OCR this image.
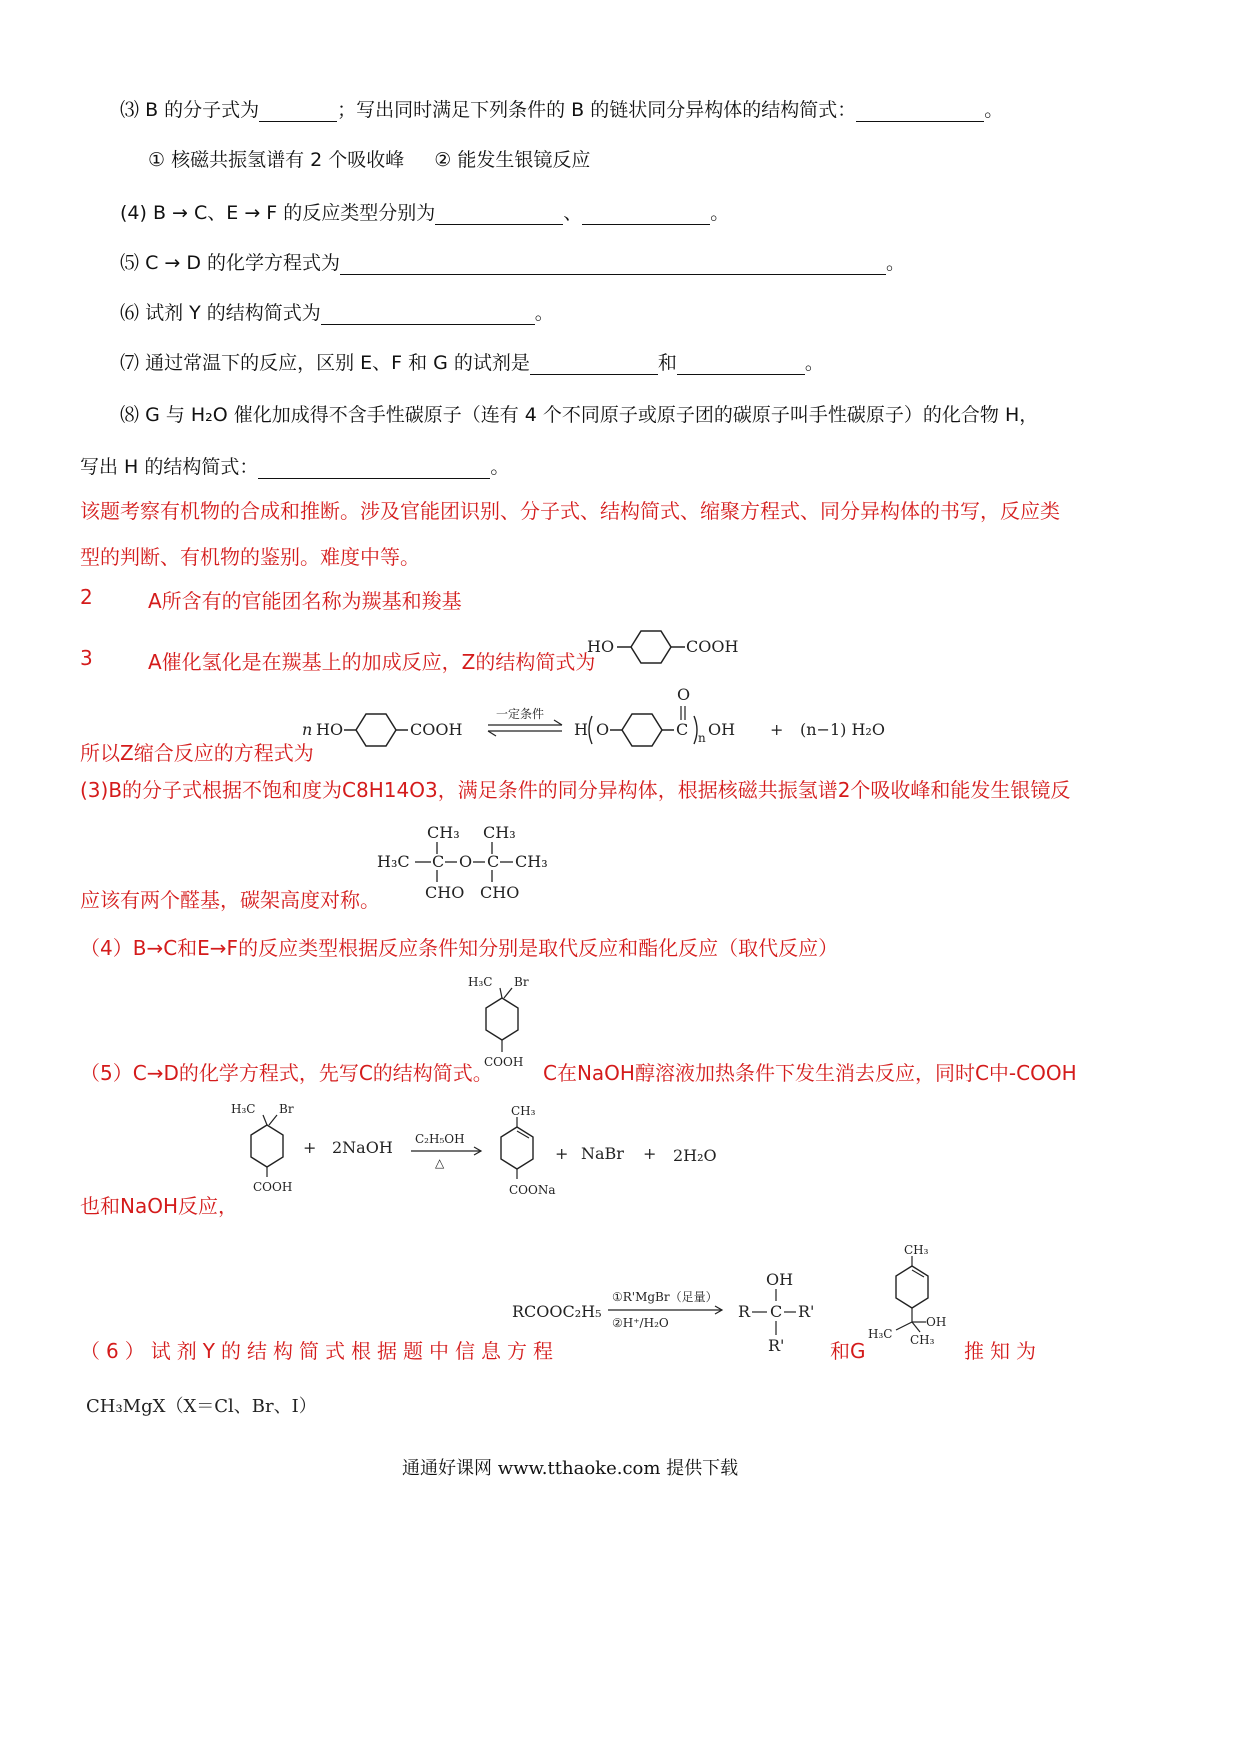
⑶ B 的分子式为	；写出同时满足下列条件的 B 的链状同分异构体的结构简式：	。
① 核磁共振氢谱有 2 个吸收峰 ② 能发生银镜反应
(4) B → C、E → F 的反应类型分别为	、	。
⑸ C → D 的化学方程式为	。
⑹ 试剂 Y 的结构简式为	。
⑺ 通过常温下的反应，区别 E、F 和 G 的试剂是	和	。
⑻ G 与 H₂O 催化加成得不含手性碳原子（连有 4 个不同原子或原子团的碳原子叫手性碳原子）的化合物 H，
写出 H 的结构简式：	。
该题考察有机物的合成和推断。涉及官能团识别、分子式、结构简式、缩聚方程式、同分异构体的书写，反应类
型的判断、有机物的鉴别。难度中等。
2	A所含有的官能团名称为羰基和羧基
3	A催化氢化是在羰基上的加成反应，Z的结构简式为
HO	COOH
n HO	COOH
一定条件
H O	C
O
n OH + (n−1) H₂O
所以Z缩合反应的方程式为
(3)B的分子式根据不饱和度为C8H14O3，满足条件的同分异构体，根据核磁共振氢谱2个吸收峰和能发生银镜反
CH₃
H₃C C O C
CH₃
CH₃
CHO CHO
应该有两个醛基，碳架高度对称。
（4）B→C和E→F的反应类型根据反应条件知分别是取代反应和酯化反应（取代反应）
H₃C Br
COOH
（5）C→D的化学方程式，先写C的结构简式。	C在NaOH醇溶液加热条件下发生消去反应，同时C中-COOH
H₃C Br
COOH
+ 2NaOH C₂H₅OH
△
CH₃
COONa
+ NaBr + 2H₂O
也和NaOH反应，
RCOOC₂H₅
①R'MgBr（足量）
②H⁺/H₂O
OH
R C R'
R'
CH₃
OH
H₃C CH₃
（6）试剂Y的结构简式根据题中信息方程	和G	推知为
CH₃MgX（X＝Cl、Br、I）
通通好课网 www.tthaoke.com 提供下载
